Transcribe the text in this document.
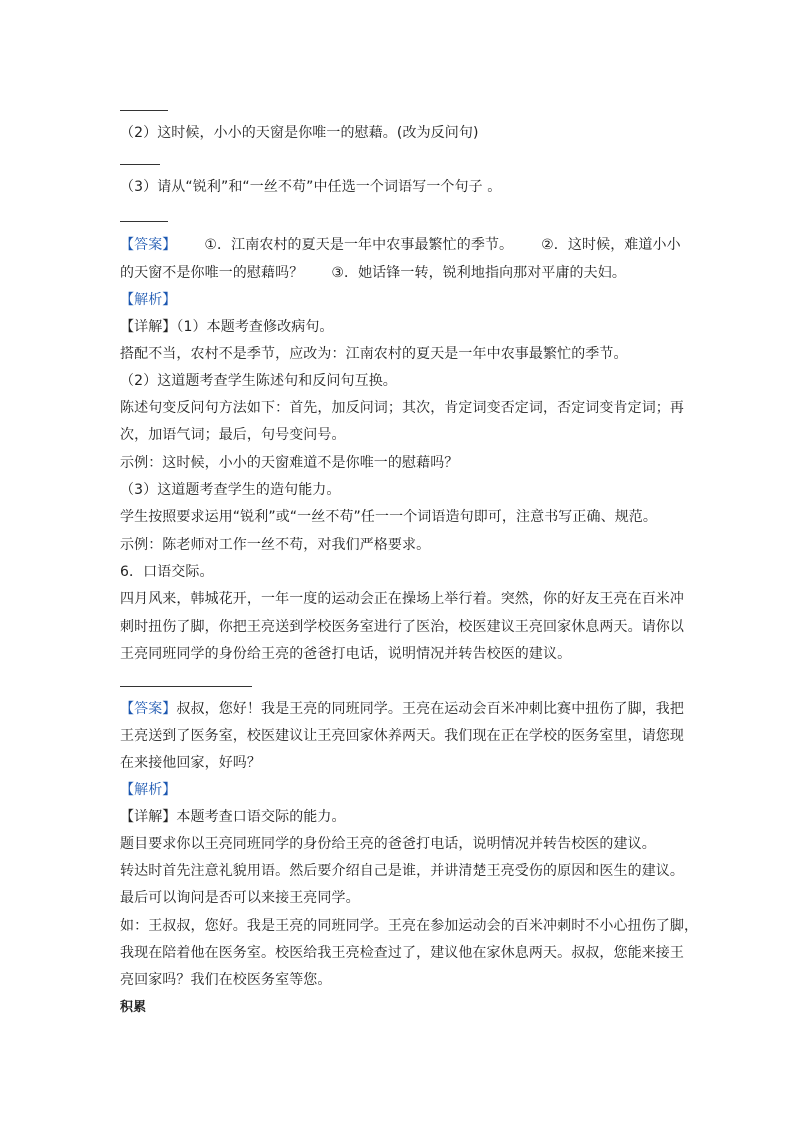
（2）这时候，小小的天窗是你唯一的慰藉。(改为反问句)
（3）请从“锐利”和“一丝不苟”中任选一个词语写一个句子 。
【答案】 ①．江南农村的夏天是一年中农事最繁忙的季节。 ②．这时候，难道小小
的天窗不是你唯一的慰藉吗？ ③．她话锋一转，锐利地指向那对平庸的夫妇。
【解析】
【详解】（1）本题考查修改病句。
搭配不当，农村不是季节，应改为：江南农村的夏天是一年中农事最繁忙的季节。
（2）这道题考查学生陈述句和反问句互换。
陈述句变反问句方法如下：首先，加反问词；其次，肯定词变否定词，否定词变肯定词；再
次，加语气词；最后，句号变问号。
示例：这时候，小小的天窗难道不是你唯一的慰藉吗？
（3）这道题考查学生的造句能力。
学生按照要求运用“锐利”或“一丝不苟”任一一个词语造句即可，注意书写正确、规范。
示例：陈老师对工作一丝不苟，对我们严格要求。
6．口语交际。
四月风来，韩城花开，一年一度的运动会正在操场上举行着。突然，你的好友王亮在百米冲
刺时扭伤了脚，你把王亮送到学校医务室进行了医治，校医建议王亮回家休息两天。请你以
王亮同班同学的身份给王亮的爸爸打电话，说明情况并转告校医的建议。
【答案】叔叔，您好！我是王亮的同班同学。王亮在运动会百米冲刺比赛中扭伤了脚，我把
王亮送到了医务室，校医建议让王亮回家休养两天。我们现在正在学校的医务室里，请您现
在来接他回家，好吗？
【解析】
【详解】本题考查口语交际的能力。
题目要求你以王亮同班同学的身份给王亮的爸爸打电话，说明情况并转告校医的建议。
转达时首先注意礼貌用语。然后要介绍自己是谁，并讲清楚王亮受伤的原因和医生的建议。
最后可以询问是否可以来接王亮同学。
如：王叔叔，您好。我是王亮的同班同学。王亮在参加运动会的百米冲刺时不小心扭伤了脚，
我现在陪着他在医务室。校医给我王亮检查过了，建议他在家休息两天。叔叔，您能来接王
亮回家吗？我们在校医务室等您。
积累
